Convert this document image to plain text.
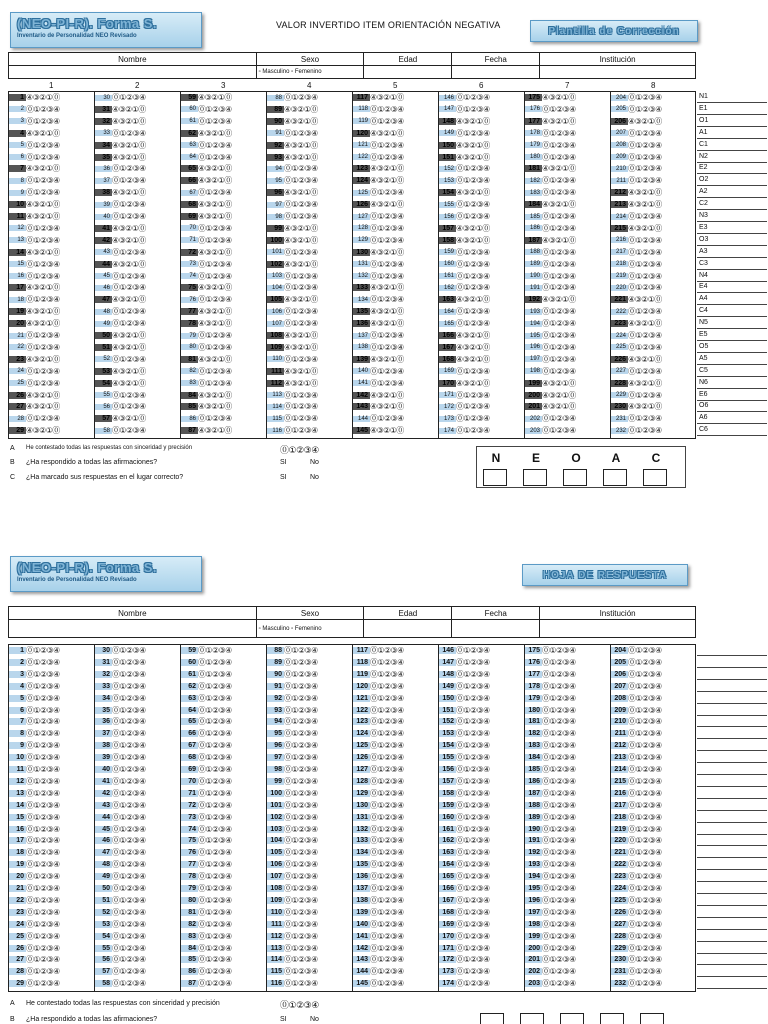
(NEO-PI-R). Forma S.
Inventario de Personalidad NEO Revisado
VALOR INVERTIDO ITEM ORIENTACIÓN NEGATIVA
Plantilla de Corrección
Nombre	Sexo	Edad	Fecha	Institución
	▫ Masculino ▫ Femenino			
1	2	3	4	5	6	7	8
1 ④③②①⓪
2 ⓪①②③④
3 ⓪①②③④
4 ④③②①⓪
5 ⓪①②③④
6 ⓪①②③④
7 ④③②①⓪
8 ⓪①②③④
9 ⓪①②③④
10 ④③②①⓪
11 ④③②①⓪
12 ⓪①②③④
13 ⓪①②③④
14 ④③②①⓪
15 ⓪①②③④
16 ⓪①②③④
17 ④③②①⓪
18 ⓪①②③④
19 ④③②①⓪
20 ④③②①⓪
21 ⓪①②③④
22 ⓪①②③④
23 ④③②①⓪
24 ⓪①②③④
25 ⓪①②③④
26 ④③②①⓪
27 ④③②①⓪
28 ⓪①②③④
29 ④③②①⓪
30 ⓪①②③④
31 ④③②①⓪
32 ④③②①⓪
33 ⓪①②③④
34 ④③②①⓪
35 ④③②①⓪
36 ⓪①②③④
37 ⓪①②③④
38 ④③②①⓪
39 ⓪①②③④
40 ⓪①②③④
41 ④③②①⓪
42 ④③②①⓪
43 ⓪①②③④
44 ④③②①⓪
45 ⓪①②③④
46 ⓪①②③④
47 ④③②①⓪
48 ⓪①②③④
49 ⓪①②③④
50 ④③②①⓪
51 ④③②①⓪
52 ⓪①②③④
53 ④③②①⓪
54 ④③②①⓪
55 ⓪①②③④
56 ⓪①②③④
57 ④③②①⓪
58 ⓪①②③④
59 ④③②①⓪
60 ⓪①②③④
61 ⓪①②③④
62 ④③②①⓪
63 ⓪①②③④
64 ⓪①②③④
65 ④③②①⓪
66 ④③②①⓪
67 ⓪①②③④
68 ④③②①⓪
69 ④③②①⓪
70 ⓪①②③④
71 ⓪①②③④
72 ④③②①⓪
73 ⓪①②③④
74 ⓪①②③④
75 ④③②①⓪
76 ⓪①②③④
77 ④③②①⓪
78 ④③②①⓪
79 ⓪①②③④
80 ⓪①②③④
81 ④③②①⓪
82 ⓪①②③④
83 ⓪①②③④
84 ④③②①⓪
85 ④③②①⓪
86 ⓪①②③④
87 ④③②①⓪
88 ⓪①②③④
89 ④③②①⓪
90 ④③②①⓪
91 ⓪①②③④
92 ④③②①⓪
93 ④③②①⓪
94 ⓪①②③④
95 ⓪①②③④
96 ④③②①⓪
97 ⓪①②③④
98 ⓪①②③④
99 ④③②①⓪
100 ④③②①⓪
101 ⓪①②③④
102 ④③②①⓪
103 ⓪①②③④
104 ⓪①②③④
105 ④③②①⓪
106 ⓪①②③④
107 ⓪①②③④
108 ④③②①⓪
109 ④③②①⓪
110 ⓪①②③④
111 ④③②①⓪
112 ④③②①⓪
113 ⓪①②③④
114 ⓪①②③④
115 ⓪①②③④
116 ⓪①②③④
117 ④③②①⓪
118 ⓪①②③④
119 ⓪①②③④
120 ④③②①⓪
121 ⓪①②③④
122 ⓪①②③④
123 ④③②①⓪
124 ④③②①⓪
125 ⓪①②③④
126 ④③②①⓪
127 ⓪①②③④
128 ⓪①②③④
129 ⓪①②③④
130 ④③②①⓪
131 ⓪①②③④
132 ⓪①②③④
133 ④③②①⓪
134 ⓪①②③④
135 ④③②①⓪
136 ④③②①⓪
137 ⓪①②③④
138 ⓪①②③④
139 ④③②①⓪
140 ⓪①②③④
141 ⓪①②③④
142 ④③②①⓪
143 ④③②①⓪
144 ⓪①②③④
145 ④③②①⓪
146 ⓪①②③④
147 ⓪①②③④
148 ④③②①⓪
149 ⓪①②③④
150 ④③②①⓪
151 ④③②①⓪
152 ⓪①②③④
153 ⓪①②③④
154 ④③②①⓪
155 ⓪①②③④
156 ⓪①②③④
157 ④③②①⓪
158 ④③②①⓪
159 ⓪①②③④
160 ⓪①②③④
161 ⓪①②③④
162 ⓪①②③④
163 ④③②①⓪
164 ⓪①②③④
165 ⓪①②③④
166 ④③②①⓪
167 ④③②①⓪
168 ④③②①⓪
169 ⓪①②③④
170 ④③②①⓪
171 ⓪①②③④
172 ⓪①②③④
173 ⓪①②③④
174 ⓪①②③④
175 ④③②①⓪
176 ⓪①②③④
177 ④③②①⓪
178 ⓪①②③④
179 ⓪①②③④
180 ⓪①②③④
181 ④③②①⓪
182 ⓪①②③④
183 ⓪①②③④
184 ④③②①⓪
185 ⓪①②③④
186 ⓪①②③④
187 ④③②①⓪
188 ⓪①②③④
189 ⓪①②③④
190 ⓪①②③④
191 ⓪①②③④
192 ④③②①⓪
193 ⓪①②③④
194 ⓪①②③④
195 ⓪①②③④
196 ⓪①②③④
197 ⓪①②③④
198 ⓪①②③④
199 ④③②①⓪
200 ④③②①⓪
201 ④③②①⓪
202 ⓪①②③④
203 ⓪①②③④
204 ⓪①②③④
205 ⓪①②③④
206 ④③②①⓪
207 ⓪①②③④
208 ⓪①②③④
209 ⓪①②③④
210 ⓪①②③④
211 ⓪①②③④
212 ④③②①⓪
213 ④③②①⓪
214 ⓪①②③④
215 ④③②①⓪
216 ⓪①②③④
217 ⓪①②③④
218 ⓪①②③④
219 ⓪①②③④
220 ⓪①②③④
221 ④③②①⓪
222 ⓪①②③④
223 ④③②①⓪
224 ⓪①②③④
225 ⓪①②③④
226 ④③②①⓪
227 ⓪①②③④
228 ④③②①⓪
229 ⓪①②③④
230 ④③②①⓪
231 ⓪①②③④
232 ⓪①②③④
N1
E1
O1
A1
C1
N2
E2
O2
A2
C2
N3
E3
O3
A3
C3
N4
E4
A4
C4
N5
E5
O5
A5
C5
N6
E6
O6
A6
C6
A He contestado todas las respuestas con sinceridad y precisión	⓪①②③④
B ¿Ha respondido a todas las afirmaciones?	SI	No
C ¿Ha marcado sus respuestas en el lugar correcto?	SI	No
N	E	O	A	C
(NEO-PI-R). Forma S.
Inventario de Personalidad NEO Revisado	HOJA DE RESPUESTA
Nombre	Sexo	Edad	Fecha	Institución
	▫ Masculino ▫ Femenino			
1 ⓪①②③④
2 ⓪①②③④
3 ⓪①②③④
4 ⓪①②③④
5 ⓪①②③④
6 ⓪①②③④
7 ⓪①②③④
8 ⓪①②③④
9 ⓪①②③④
10 ⓪①②③④
11 ⓪①②③④
12 ⓪①②③④
13 ⓪①②③④
14 ⓪①②③④
15 ⓪①②③④
16 ⓪①②③④
17 ⓪①②③④
18 ⓪①②③④
19 ⓪①②③④
20 ⓪①②③④
21 ⓪①②③④
22 ⓪①②③④
23 ⓪①②③④
24 ⓪①②③④
25 ⓪①②③④
26 ⓪①②③④
27 ⓪①②③④
28 ⓪①②③④
29 ⓪①②③④
30 ⓪①②③④
31 ⓪①②③④
32 ⓪①②③④
33 ⓪①②③④
34 ⓪①②③④
35 ⓪①②③④
36 ⓪①②③④
37 ⓪①②③④
38 ⓪①②③④
39 ⓪①②③④
40 ⓪①②③④
41 ⓪①②③④
42 ⓪①②③④
43 ⓪①②③④
44 ⓪①②③④
45 ⓪①②③④
46 ⓪①②③④
47 ⓪①②③④
48 ⓪①②③④
49 ⓪①②③④
50 ⓪①②③④
51 ⓪①②③④
52 ⓪①②③④
53 ⓪①②③④
54 ⓪①②③④
55 ⓪①②③④
56 ⓪①②③④
57 ⓪①②③④
58 ⓪①②③④
59 ⓪①②③④
60 ⓪①②③④
61 ⓪①②③④
62 ⓪①②③④
63 ⓪①②③④
64 ⓪①②③④
65 ⓪①②③④
66 ⓪①②③④
67 ⓪①②③④
68 ⓪①②③④
69 ⓪①②③④
70 ⓪①②③④
71 ⓪①②③④
72 ⓪①②③④
73 ⓪①②③④
74 ⓪①②③④
75 ⓪①②③④
76 ⓪①②③④
77 ⓪①②③④
78 ⓪①②③④
79 ⓪①②③④
80 ⓪①②③④
81 ⓪①②③④
82 ⓪①②③④
83 ⓪①②③④
84 ⓪①②③④
85 ⓪①②③④
86 ⓪①②③④
87 ⓪①②③④
88 ⓪①②③④
89 ⓪①②③④
90 ⓪①②③④
91 ⓪①②③④
92 ⓪①②③④
93 ⓪①②③④
94 ⓪①②③④
95 ⓪①②③④
96 ⓪①②③④
97 ⓪①②③④
98 ⓪①②③④
99 ⓪①②③④
100 ⓪①②③④
101 ⓪①②③④
102 ⓪①②③④
103 ⓪①②③④
104 ⓪①②③④
105 ⓪①②③④
106 ⓪①②③④
107 ⓪①②③④
108 ⓪①②③④
109 ⓪①②③④
110 ⓪①②③④
111 ⓪①②③④
112 ⓪①②③④
113 ⓪①②③④
114 ⓪①②③④
115 ⓪①②③④
116 ⓪①②③④
117 ⓪①②③④
118 ⓪①②③④
119 ⓪①②③④
120 ⓪①②③④
121 ⓪①②③④
122 ⓪①②③④
123 ⓪①②③④
124 ⓪①②③④
125 ⓪①②③④
126 ⓪①②③④
127 ⓪①②③④
128 ⓪①②③④
129 ⓪①②③④
130 ⓪①②③④
131 ⓪①②③④
132 ⓪①②③④
133 ⓪①②③④
134 ⓪①②③④
135 ⓪①②③④
136 ⓪①②③④
137 ⓪①②③④
138 ⓪①②③④
139 ⓪①②③④
140 ⓪①②③④
141 ⓪①②③④
142 ⓪①②③④
143 ⓪①②③④
144 ⓪①②③④
145 ⓪①②③④
146 ⓪①②③④
147 ⓪①②③④
148 ⓪①②③④
149 ⓪①②③④
150 ⓪①②③④
151 ⓪①②③④
152 ⓪①②③④
153 ⓪①②③④
154 ⓪①②③④
155 ⓪①②③④
156 ⓪①②③④
157 ⓪①②③④
158 ⓪①②③④
159 ⓪①②③④
160 ⓪①②③④
161 ⓪①②③④
162 ⓪①②③④
163 ⓪①②③④
164 ⓪①②③④
165 ⓪①②③④
166 ⓪①②③④
167 ⓪①②③④
168 ⓪①②③④
169 ⓪①②③④
170 ⓪①②③④
171 ⓪①②③④
172 ⓪①②③④
173 ⓪①②③④
174 ⓪①②③④
175 ⓪①②③④
176 ⓪①②③④
177 ⓪①②③④
178 ⓪①②③④
179 ⓪①②③④
180 ⓪①②③④
181 ⓪①②③④
182 ⓪①②③④
183 ⓪①②③④
184 ⓪①②③④
185 ⓪①②③④
186 ⓪①②③④
187 ⓪①②③④
188 ⓪①②③④
189 ⓪①②③④
190 ⓪①②③④
191 ⓪①②③④
192 ⓪①②③④
193 ⓪①②③④
194 ⓪①②③④
195 ⓪①②③④
196 ⓪①②③④
197 ⓪①②③④
198 ⓪①②③④
199 ⓪①②③④
200 ⓪①②③④
201 ⓪①②③④
202 ⓪①②③④
203 ⓪①②③④
204 ⓪①②③④
205 ⓪①②③④
206 ⓪①②③④
207 ⓪①②③④
208 ⓪①②③④
209 ⓪①②③④
210 ⓪①②③④
211 ⓪①②③④
212 ⓪①②③④
213 ⓪①②③④
214 ⓪①②③④
215 ⓪①②③④
216 ⓪①②③④
217 ⓪①②③④
218 ⓪①②③④
219 ⓪①②③④
220 ⓪①②③④
221 ⓪①②③④
222 ⓪①②③④
223 ⓪①②③④
224 ⓪①②③④
225 ⓪①②③④
226 ⓪①②③④
227 ⓪①②③④
228 ⓪①②③④
229 ⓪①②③④
230 ⓪①②③④
231 ⓪①②③④
232 ⓪①②③④
A He contestado todas las respuestas con sinceridad y precisión	⓪①②③④
B ¿Ha respondido a todas las afirmaciones?	SI	No
